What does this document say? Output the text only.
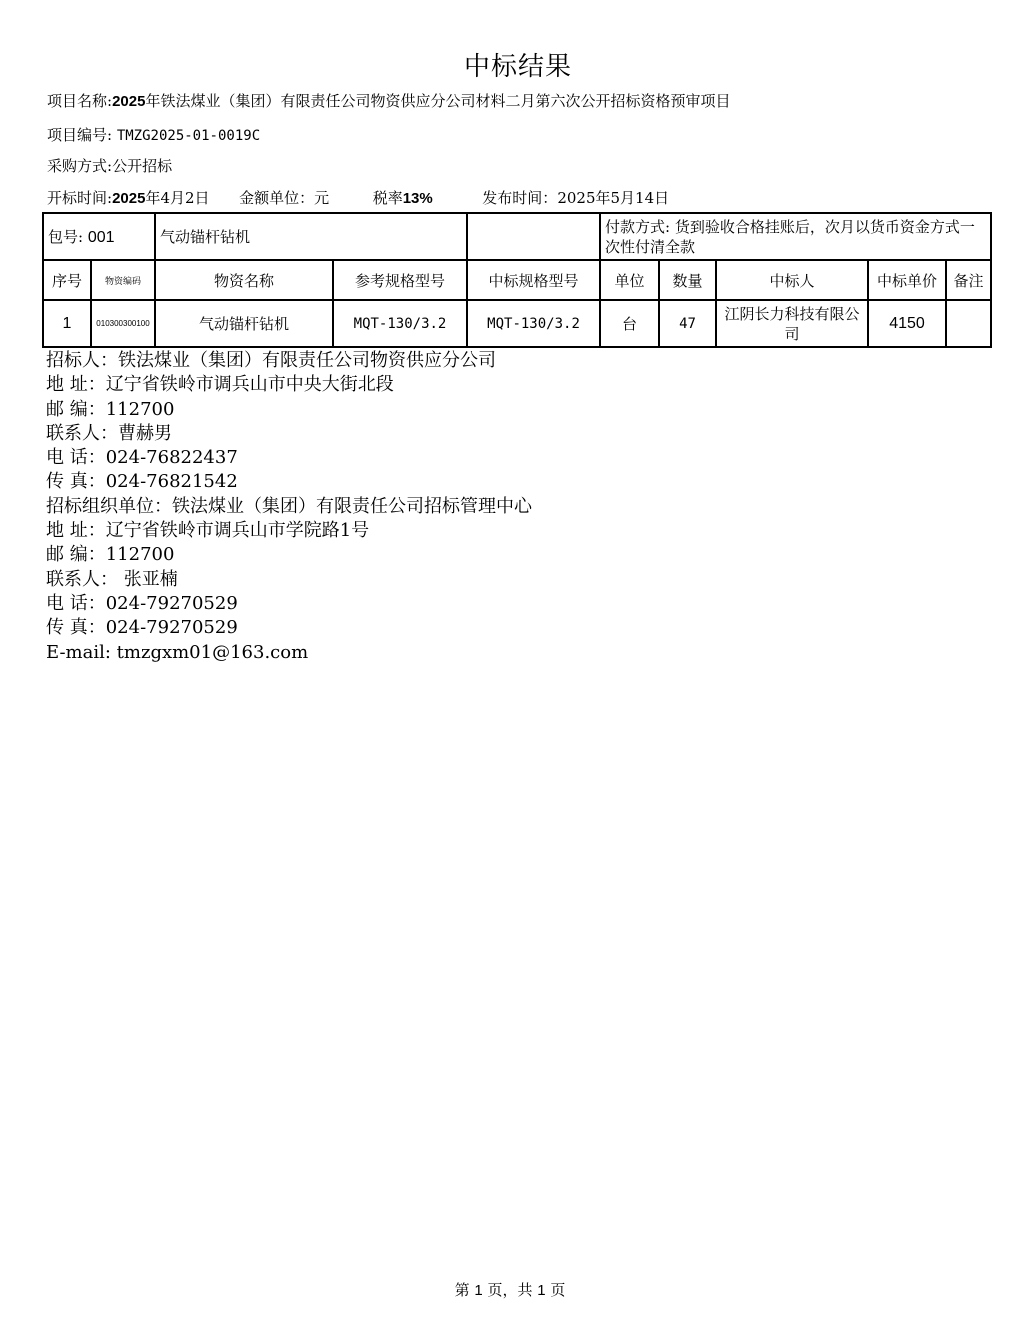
中标结果
项目名称:2025年铁法煤业（集团）有限责任公司物资供应分公司材料二月第六次公开招标资格预审项目
项目编号: TMZG2025-01-0019C
采购方式:公开招标
开标时间:2025年4月2日 金额单位：元	税率13%	发布时间：2025年5月14日
包号: 001		气动锚杆钻机			付款方式: 货到验收合格挂账后，次月以货币资金方式一次性付清全款				
序号	物资编码	物资名称	参考规格型号	中标规格型号	单位	数量	中标人	中标单价	备注
1	010300300100	气动锚杆钻机	MQT-130/3.2	MQT-130/3.2	台	47	江阴长力科技有限公司	4150	
招标人：铁法煤业（集团）有限责任公司物资供应分公司
地 址：辽宁省铁岭市调兵山市中央大街北段
邮 编：112700
联系人：曹赫男
电 话：024-76822437
传 真：024-76821542
招标组织单位：铁法煤业（集团）有限责任公司招标管理中心
地 址：辽宁省铁岭市调兵山市学院路1号
邮 编：112700
联系人： 张亚楠
电 话：024-79270529
传 真：024-79270529
E-mail: tmzgxm01@163.com
第 1 页，共 1 页
